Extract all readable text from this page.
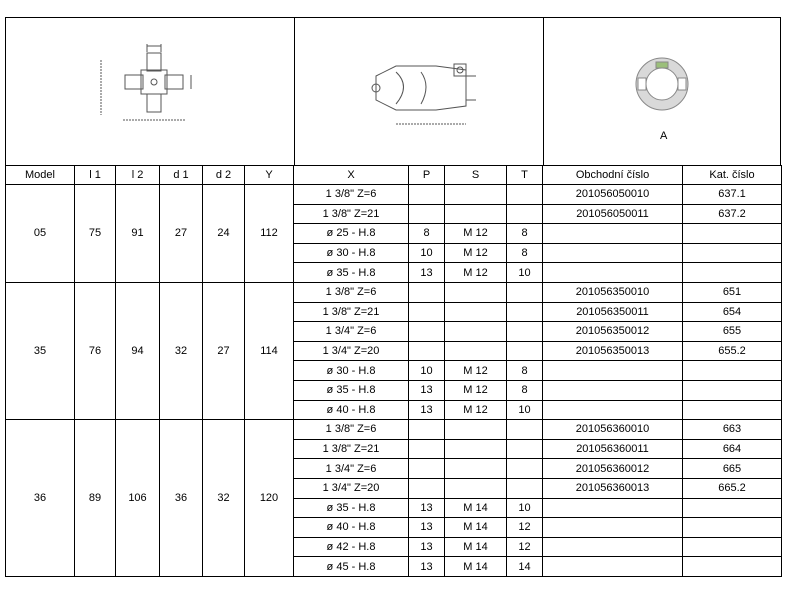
A
Model	l 1	l 2	d 1	d 2	Y	X	P	S	T	Obchodní číslo	Kat. číslo
05	75	91	27	24	112	1 3/8" Z=6				201056050010	637.1
						1 3/8" Z=21				201056050011	637.2
						ø 25 - H.8	8	M 12	8		
						ø 30 - H.8	10	M 12	8		
						ø 35 - H.8	13	M 12	10		
35	76	94	32	27	114	1 3/8" Z=6				201056350010	651
						1 3/8" Z=21				201056350011	654
						1 3/4" Z=6				201056350012	655
						1 3/4" Z=20				201056350013	655.2
						ø 30 - H.8	10	M 12	8		
						ø 35 - H.8	13	M 12	8		
						ø 40 - H.8	13	M 12	10		
36	89	106	36	32	120	1 3/8" Z=6				201056360010	663
						1 3/8" Z=21				201056360011	664
						1 3/4" Z=6				201056360012	665
						1 3/4" Z=20				201056360013	665.2
						ø 35 - H.8	13	M 14	10		
						ø 40 - H.8	13	M 14	12		
						ø 42 - H.8	13	M 14	12		
						ø 45 - H.8	13	M 14	14		
